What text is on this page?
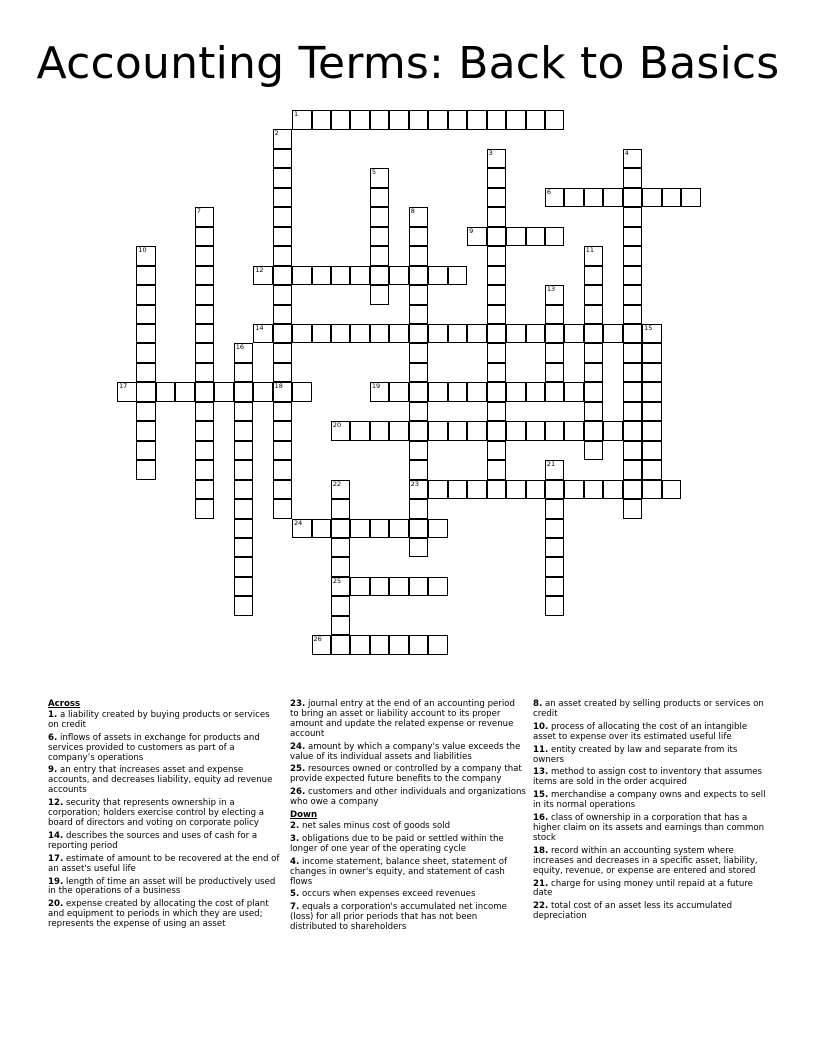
Accounting Terms: Back to Basics
1
2
18
3	4
5
6
7	8
23
9
10	11
12
13
14	15
16
17	19
20
21
22
25
24
26
Across
1. a liability created by buying products or services on credit
6. inflows of assets in exchange for products and services provided to customers as part of a company’s operations
9. an entry that increases asset and expense accounts, and decreases liability, equity ad revenue accounts
12. security that represents ownership in a corporation; holders exercise control by electing a board of directors and voting on corporate policy
14. describes the sources and uses of cash for a reporting period
17. estimate of amount to be recovered at the end of an asset's useful life
19. length of time an asset will be productively used in the operations of a business
20. expense created by allocating the cost of plant and equipment to periods in which they are used; represents the expense of using an asset
23. journal entry at the end of an accounting period to bring an asset or liability account to its proper amount and update the related expense or revenue account
24. amount by which a company's value exceeds the value of its individual assets and liabilities
25. resources owned or controlled by a company that provide expected future benefits to the company
26. customers and other individuals and organizations who owe a company
Down
2. net sales minus cost of goods sold
3. obligations due to be paid or settled within the longer of one year of the operating cycle
4. income statement, balance sheet, statement of changes in owner's equity, and statement of cash flows
5. occurs when expenses exceed revenues
7. equals a corporation's accumulated net income (loss) for all prior periods that has not been distributed to shareholders
8. an asset created by selling products or services on credit
10. process of allocating the cost of an intangible asset to expense over its estimated useful life
11. entity created by law and separate from its owners
13. method to assign cost to inventory that assumes items are sold in the order acquired
15. merchandise a company owns and expects to sell in its normal operations
16. class of ownership in a corporation that has a higher claim on its assets and earnings than common stock
18. record within an accounting system where increases and decreases in a specific asset, liability, equity, revenue, or expense are entered and stored
21. charge for using money until repaid at a future date
22. total cost of an asset less its accumulated depreciation
